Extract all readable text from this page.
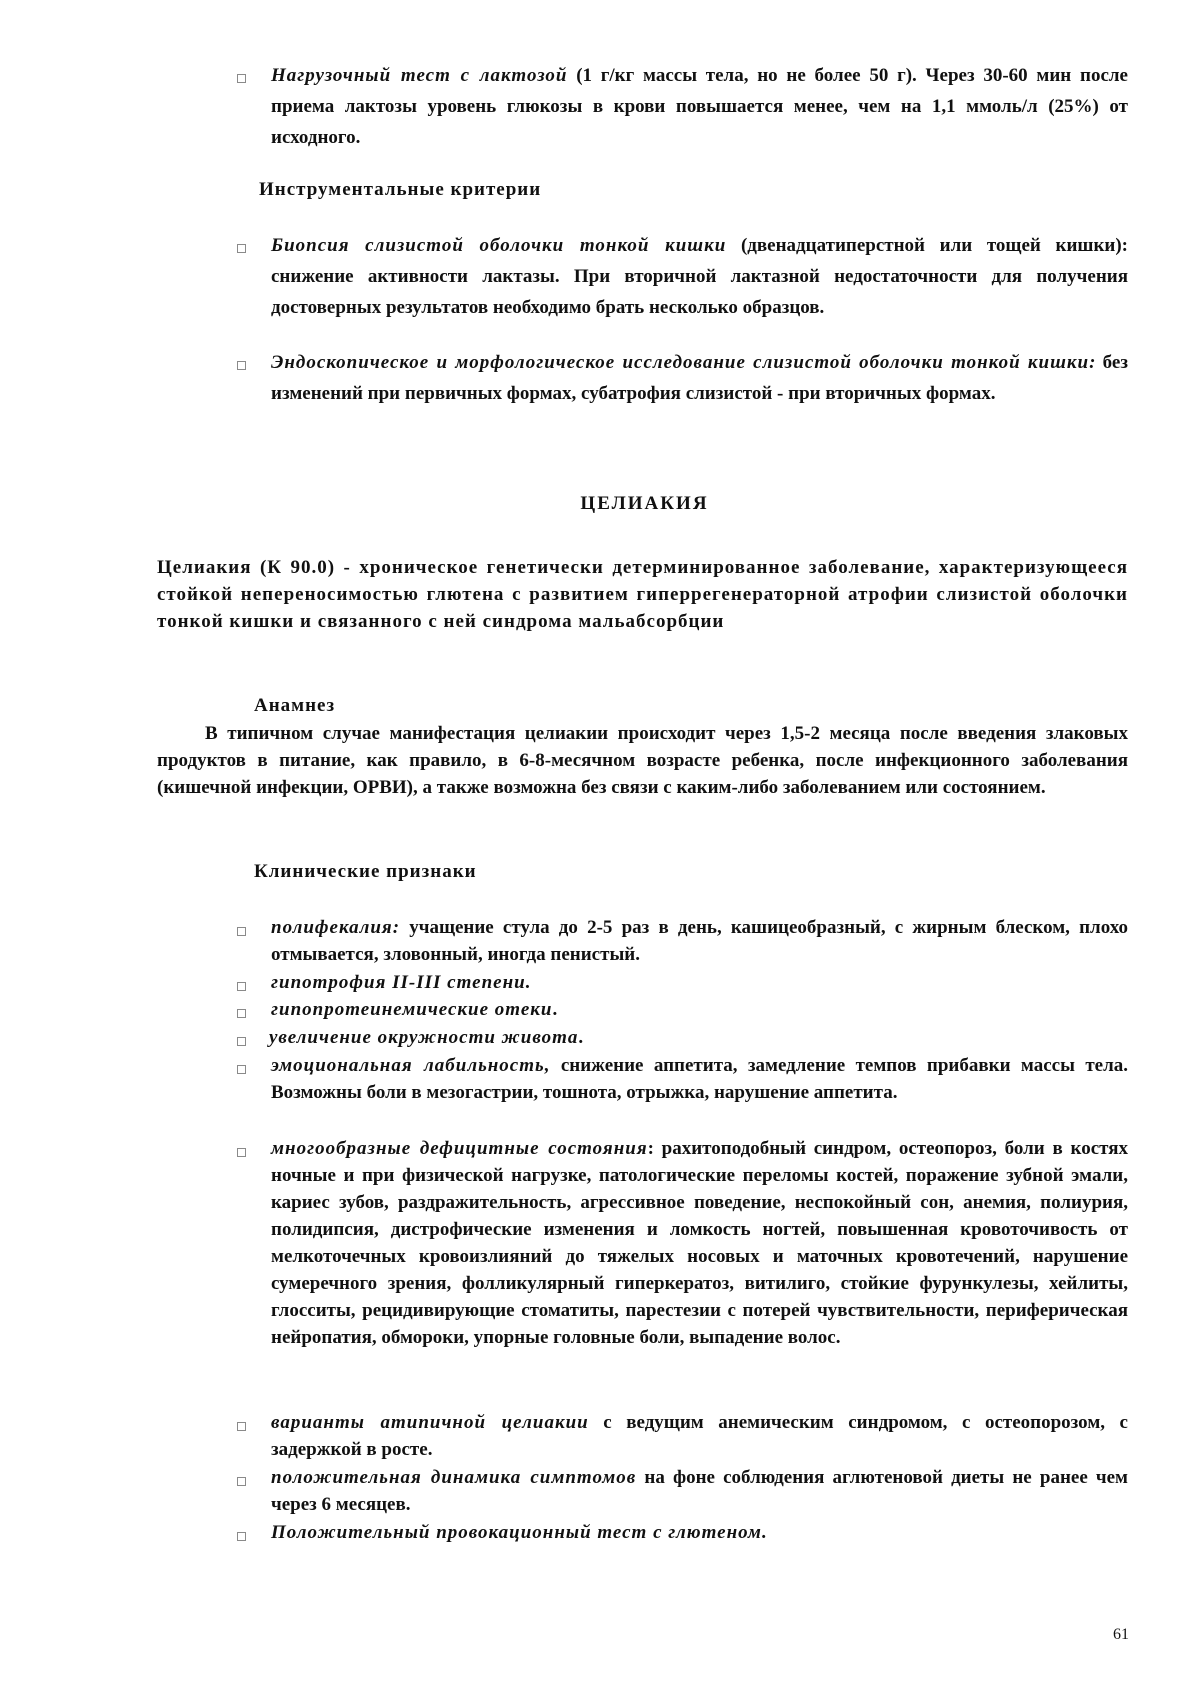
Нагрузочный тест с лактозой (1 г/кг массы тела, но не более 50 г). Через 30-60 мин после приема лактозы уровень глюкозы в крови повышается менее, чем на 1,1 ммоль/л (25%) от исходного.
Инструментальные критерии
Биопсия слизистой оболочки тонкой кишки (двенадцатиперстной или тощей кишки): снижение активности лактазы. При вторичной лактазной недостаточности для получения достоверных результатов необходимо брать несколько образцов.
Эндоскопическое и морфологическое исследование слизистой оболочки тонкой кишки: без изменений при первичных формах, субатрофия слизистой - при вторичных формах.
ЦЕЛИАКИЯ
Целиакия (К 90.0) - хроническое генетически детерминированное заболевание, характеризующееся стойкой непереносимостью глютена с развитием гиперрегенераторной атрофии слизистой оболочки тонкой кишки и связанного с ней синдрома мальабсорбции
Анамнез
В типичном случае манифестация целиакии происходит через 1,5-2 месяца после введения злаковых продуктов в питание, как правило, в 6-8-месячном возрасте ребенка, после инфекционного заболевания (кишечной инфекции, ОРВИ), а также возможна без связи с каким-либо заболеванием или состоянием.
Клинические признаки
полифекалия: учащение стула до 2-5 раз в день, кашицеобразный, с жирным блеском, плохо отмывается, зловонный, иногда пенистый.
гипотрофия II-III степени.
гипопротеинемические отеки.
увеличение окружности живота.
эмоциональная лабильность, снижение аппетита, замедление темпов прибавки массы тела. Возможны боли в мезогастрии, тошнота, отрыжка, нарушение аппетита.
многообразные дефицитные состояния: рахитоподобный синдром, остеопороз, боли в костях ночные и при физической нагрузке, патологические переломы костей, поражение зубной эмали, кариес зубов, раздражительность, агрессивное поведение, неспокойный сон, анемия, полиурия, полидипсия, дистрофические изменения и ломкость ногтей, повышенная кровоточивость от мелкоточечных кровоизлияний до тяжелых носовых и маточных кровотечений, нарушение сумеречного зрения, фолликулярный гиперкератоз, витилиго, стойкие фурункулезы, хейлиты, глосситы, рецидивирующие стоматиты, парестезии с потерей чувствительности, периферическая нейропатия, обмороки, упорные головные боли, выпадение волос.
варианты атипичной целиакии с ведущим анемическим синдромом, с остеопорозом, с задержкой в росте.
положительная динамика симптомов на фоне соблюдения аглютеновой диеты не ранее чем через 6 месяцев.
Положительный провокационный тест с глютеном.
61
